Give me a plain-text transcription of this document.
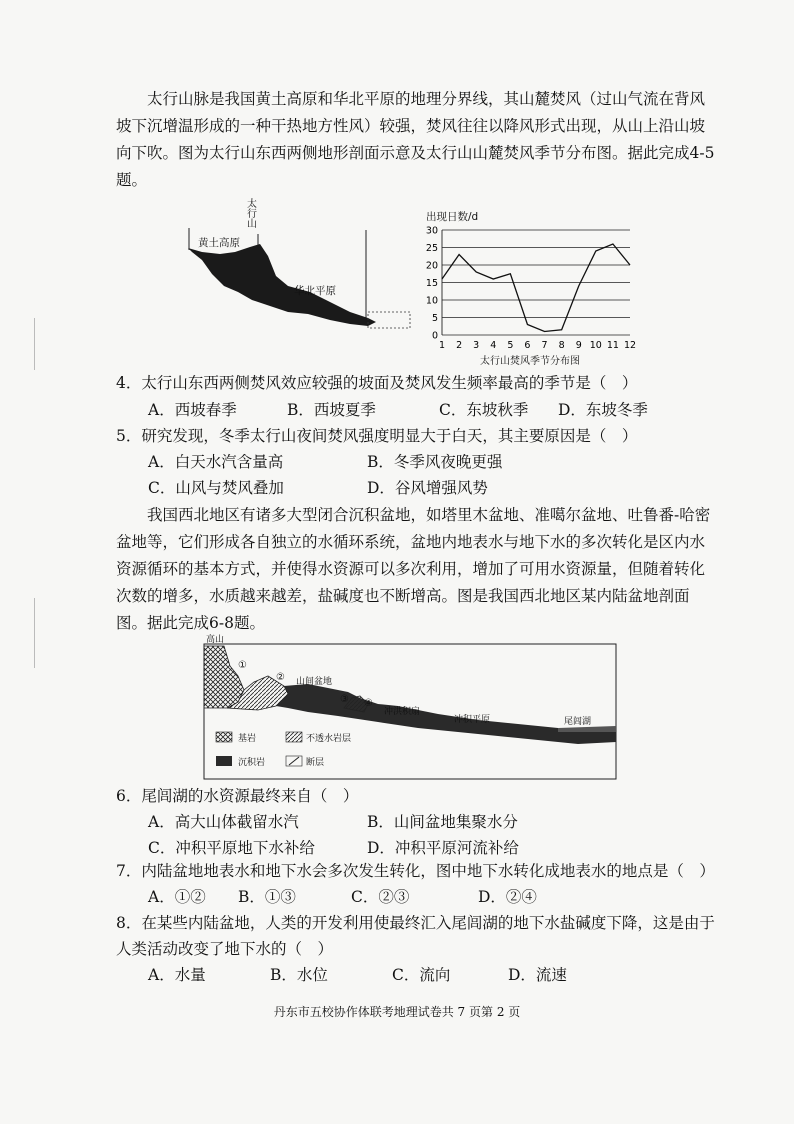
太行山脉是我国黄土高原和华北平原的地理分界线，其山麓焚风（过山气流在背风坡下沉增温形成的一种干热地方性风）较强，焚风往往以降风形式出现，从山上沿山坡向下吹。图为太行山东西两侧地形剖面示意及太行山山麓焚风季节分布图。据此完成4-5题。
太行山
黄土高原
华北平原
出现日数/d
0
5
10
15
20
25
30
1 2 3 4 5 6 7 8 9 10 11 12
太行山焚风季节分布图
4．太行山东西两侧焚风效应较强的坡面及焚风发生频率最高的季节是（　）
A．西坡春季	B．西坡夏季	C．东坡秋季 D．东坡冬季
5．研究发现，冬季太行山夜间焚风强度明显大于白天，其主要原因是（　）
A．白天水汽含量高	B．冬季风夜晚更强
C．山风与焚风叠加	D．谷风增强风势
我国西北地区有诸多大型闭合沉积盆地，如塔里木盆地、准噶尔盆地、吐鲁番-哈密盆地等，它们形成各自独立的水循环系统，盆地内地表水与地下水的多次转化是区内水资源循环的基本方式，并使得水资源可以多次利用，增加了可用水资源量，但随着转化次数的增多，水质越来越差，盐碱度也不断增高。图是我国西北地区某内陆盆地剖面图。据此完成6-8题。
高山
①
② 山间盆地
③ ④
冲洪积扇
冲积平原	尾闾湖
基岩	不透水岩层
沉积岩	断层
6．尾闾湖的水资源最终来自（　）
A．高大山体截留水汽	B．山间盆地集聚水分
C．冲积平原地下水补给	D．冲积平原河流补给
7．内陆盆地地表水和地下水会多次发生转化，图中地下水转化成地表水的地点是（　）
A．①② B．①③	C．②③	D．②④
8．在某些内陆盆地，人类的开发利用使最终汇入尾闾湖的地下水盐碱度下降，这是由于人类活动改变了地下水的（　）
A．水量	B．水位	C．流向	D．流速
丹东市五校协作体联考地理试卷共 7 页第 2 页
